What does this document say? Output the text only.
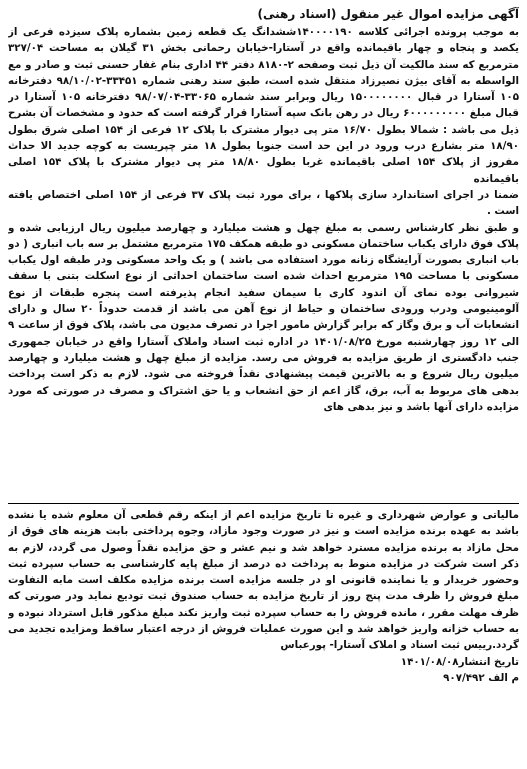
آگهی مزایده اموال غیر منقول (اسناد رهنی)

به موجب پرونده اجرائی کلاسه ۱۴۰۰۰۰۱۹۰ششدانگ یک قطعه زمین بشماره پلاک سیزده فرعی از یکصد و پنجاه و چهار باقیمانده واقع در آستارا-خیابان رحمانی بخش ۳۱ گیلان به مساحت ۳۲۷/۰۴ مترمربع که سند مالکیت آن ذیل ثبت وصفحه ۲-۸۱۸۰ دفتر ۴۴ اداری بنام غفار حسنی ثبت و صادر و مع الواسطه به آقای بیژن نصیرزاد منتقل شده است، طبق سند رهنی شماره ۳۳۴۵۱-۹۸/۱۰/۰۲ دفترخانه ۱۰۵ آستارا در قبال ۱۵۰۰۰۰۰۰۰۰ ریال وبرابر سند شماره ۳۳۰۶۵-۹۸/۰۷/۰۴ دفترخانه ۱۰۵ آستارا در قبال مبلغ ۶۰۰۰۰۰۰۰۰۰ ریال در رهن بانک سپه آستارا قرار گرفته است که حدود و مشخصات آن بشرح ذیل می باشد : شمالا بطول ۱۶/۷۰ متر پی دیوار مشترک با پلاک ۱۲ فرعی از ۱۵۴ اصلی شرق بطول ۱۸/۹۰ متر بشارع درب ورود در این حد است جنوبا بطول ۱۸ متر چپریست به کوچه جدید الا حداث مفروز از پلاک ۱۵۴ اصلی باقیمانده غربا بطول ۱۸/۸۰ متر پی دیوار مشترک با پلاک ۱۵۴ اصلی باقیمانده

ضمنا در اجرای استاندارد سازی پلاکها ، برای مورد ثبت پلاک ۳۷ فرعی از ۱۵۴ اصلی اختصاص یافته است .

و طبق نظر کارشناس رسمی به مبلغ چهل و هشت میلیارد و چهارصد میلیون ریال ارزیابی شده و پلاک فوق دارای یکباب ساختمان مسکونی دو طبقه همکف ۱۷۵ مترمربع مشتمل بر سه باب انباری ( دو باب انباری بصورت آرایشگاه زنانه مورد استفاده می باشد ) و یک واحد مسکونی ودر طبقه اول یکباب مسکونی با مساحت ۱۹۵ مترمربع احداث شده است ساختمان احداثی از نوع اسکلت بتنی با سقف شیروانی بوده نمای آن اندود کاری با سیمان سفید انجام پذیرفته است پنجره طبقات از نوع آلومینیومی ودرب ورودی ساختمان و حیاط از نوع آهن می باشد از قدمت حدوداً ۲۰ سال و دارای انشعابات آب و برق وگاز که برابر گزارش مامور اجرا در تصرف مدیون می باشد، پلاک فوق از ساعت ۹ الی ۱۲ روز چهارشنبه مورخ ۱۴۰۱/۰۸/۲۵ در اداره ثبت اسناد واملاک آستارا واقع در خیابان جمهوری جنب دادگستری از طریق مزایده به فروش می رسد. مزایده از مبلغ چهل و هشت میلیارد و چهارصد میلیون ریال شروع و به بالاترین قیمت پیشنهادی نقداً فروخته می شود. لازم به ذکر است پرداخت بدهی های مربوط به آب، برق، گاز اعم از حق انشعاب و یا حق اشتراک و مصرف در صورتی که مورد مزایده دارای آنها باشد و نیز بدهی های

مالیاتی و عوارض شهرداری و غیره تا تاریخ مزایده اعم از اینکه رقم قطعی آن معلوم شده یا نشده باشد به عهده برنده مزایده است و نیز در صورت وجود مازاد، وجوه پرداختی بابت هزینه های فوق از محل مازاد به برنده مزایده مسترد خواهد شد و نیم عشر و حق مزایده نقداً وصول می گردد، لازم به ذکر است شرکت در مزایده منوط به پرداخت ده درصد از مبلغ پایه کارشناسی به حساب سپرده ثبت وحضور خریدار و یا نماینده قانونی او در جلسه مزایده است برنده مزایده مکلف است مابه التفاوت مبلغ فروش را ظرف مدت پنج روز از تاریخ مزایده به حساب صندوق ثبت تودیع نماید ودر صورتی که ظرف مهلت مقرر ، مانده فروش را به حساب سپرده ثبت واریز نکند مبلغ مذکور قابل استرداد نبوده و به حساب خزانه واریز خواهد شد و این صورت عملیات فروش از درجه اعتبار ساقط ومزایده تجدید می گردد.رییس ثبت اسناد و املاک آستارا- پورعباس

تاریخ انتشار۱۴۰۱/۰۸/۰۸

م الف ۹۰۷/۴۹۲
